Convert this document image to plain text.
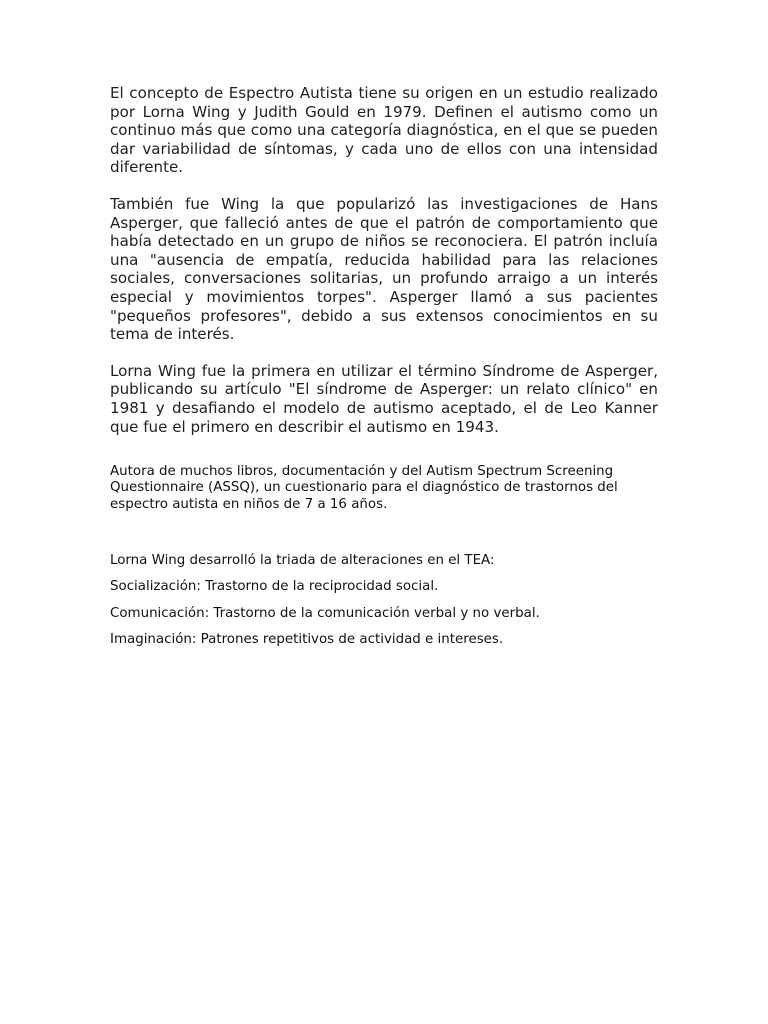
El concepto de Espectro Autista tiene su origen en un estudio realizado por Lorna Wing y Judith Gould en 1979. Definen el autismo como un continuo más que como una categoría diagnóstica, en el que se pueden dar variabilidad de síntomas, y cada uno de ellos con una intensidad diferente.

También fue Wing la que popularizó las investigaciones de Hans Asperger, que falleció antes de que el patrón de comportamiento que había detectado en un grupo de niños se reconociera. El patrón incluía una "ausencia de empatía, reducida habilidad para las relaciones sociales, conversaciones solitarias, un profundo arraigo a un interés especial y movimientos torpes". Asperger llamó a sus pacientes "pequeños profesores", debido a sus extensos conocimientos en su tema de interés.

Lorna Wing fue la primera en utilizar el término Síndrome de Asperger, publicando su artículo "El síndrome de Asperger: un relato clínico" en 1981 y desafiando el modelo de autismo aceptado, el de Leo Kanner que fue el primero en describir el autismo en 1943.

Autora de muchos libros, documentación y del Autism Spectrum Screening Questionnaire (ASSQ), un cuestionario para el diagnóstico de trastornos del espectro autista en niños de 7 a 16 años.

Lorna Wing desarrolló la triada de alteraciones en el TEA:

Socialización: Trastorno de la reciprocidad social.

Comunicación: Trastorno de la comunicación verbal y no verbal.

Imaginación: Patrones repetitivos de actividad e intereses.
